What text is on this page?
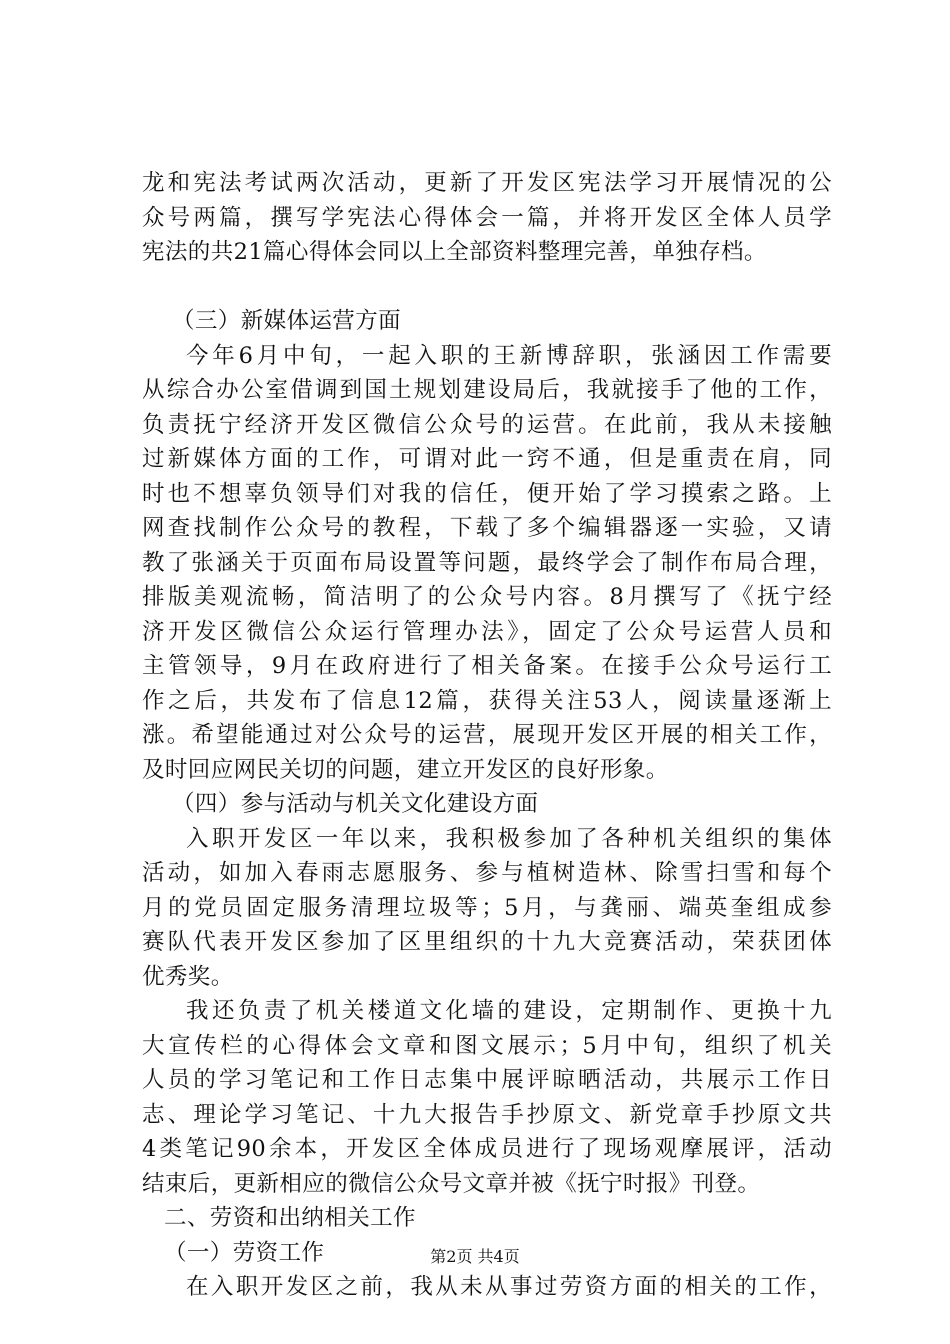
龙和宪法考试两次活动，更新了开发区宪法学习开展情况的公
众号两篇，撰写学宪法心得体会一篇，并将开发区全体人员学
宪法的共21篇心得体会同以上全部资料整理完善，单独存档。
（三）新媒体运营方面
今年6月中旬，一起入职的王新博辞职，张涵因工作需要
从综合办公室借调到国土规划建设局后，我就接手了他的工作，
负责抚宁经济开发区微信公众号的运营。在此前，我从未接触
过新媒体方面的工作，可谓对此一窍不通，但是重责在肩，同
时也不想辜负领导们对我的信任，便开始了学习摸索之路。上
网查找制作公众号的教程，下载了多个编辑器逐一实验，又请
教了张涵关于页面布局设置等问题，最终学会了制作布局合理，
排版美观流畅，简洁明了的公众号内容。8月撰写了《抚宁经
济开发区微信公众运行管理办法》，固定了公众号运营人员和
主管领导，9月在政府进行了相关备案。在接手公众号运行工
作之后，共发布了信息12篇，获得关注53人，阅读量逐渐上
涨。希望能通过对公众号的运营，展现开发区开展的相关工作，
及时回应网民关切的问题，建立开发区的良好形象。
（四）参与活动与机关文化建设方面
入职开发区一年以来，我积极参加了各种机关组织的集体
活动，如加入春雨志愿服务、参与植树造林、除雪扫雪和每个
月的党员固定服务清理垃圾等；5月，与龚丽、端英奎组成参
赛队代表开发区参加了区里组织的十九大竞赛活动，荣获团体
优秀奖。
我还负责了机关楼道文化墙的建设，定期制作、更换十九
大宣传栏的心得体会文章和图文展示；5月中旬，组织了机关
人员的学习笔记和工作日志集中展评晾晒活动，共展示工作日
志、理论学习笔记、十九大报告手抄原文、新党章手抄原文共
4类笔记90余本，开发区全体成员进行了现场观摩展评，活动
结束后，更新相应的微信公众号文章并被《抚宁时报》刊登。
二、劳资和出纳相关工作
（一）劳资工作
在入职开发区之前，我从未从事过劳资方面的相关的工作，
第2页 共4页
